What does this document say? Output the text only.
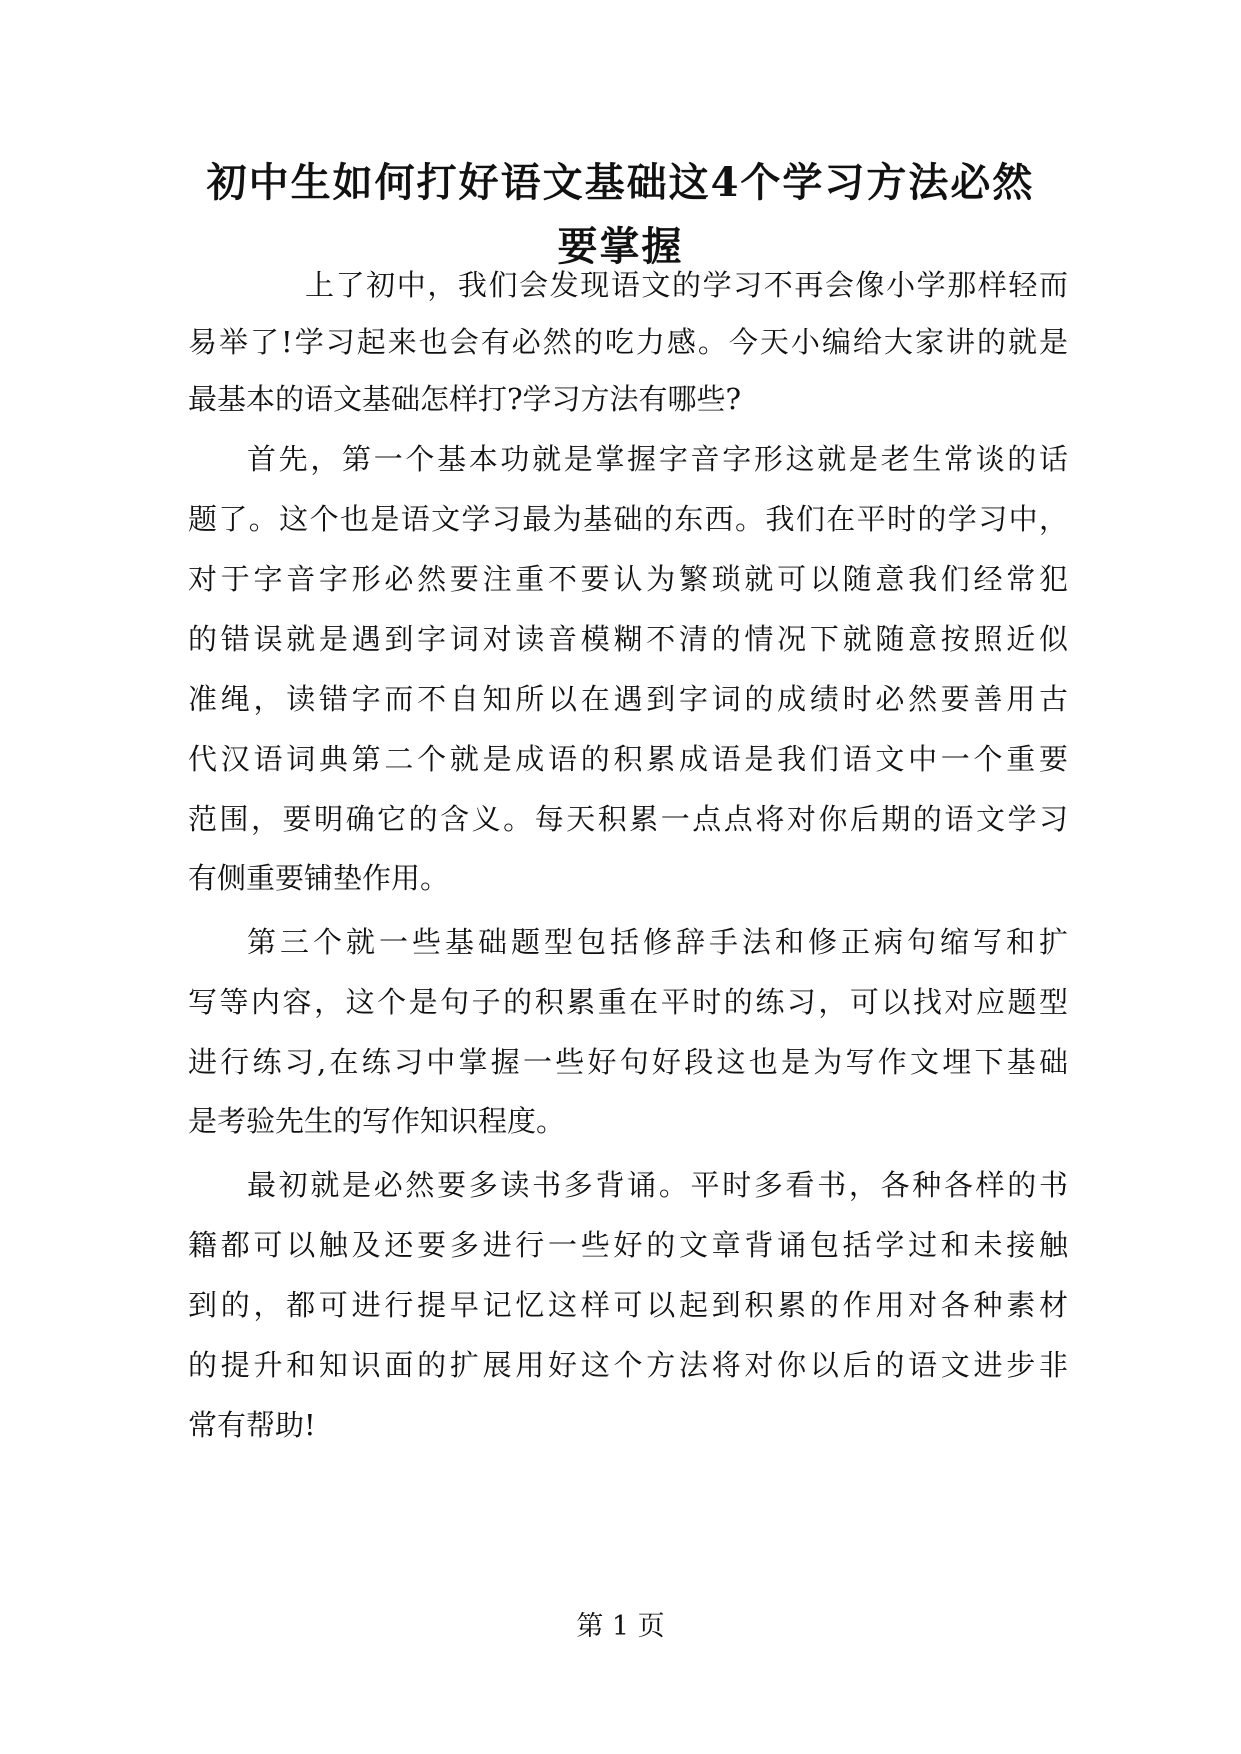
初中生如何打好语文基础这4个学习方法必然
要掌握
上了初中，我们会发现语文的学习不再会像小学那样轻而
易举了!学习起来也会有必然的吃力感。今天小编给大家讲的就是
最基本的语文基础怎样打?学习方法有哪些?
首先，第一个基本功就是掌握字音字形这就是老生常谈的话
题了。这个也是语文学习最为基础的东西。我们在平时的学习中，
对于字音字形必然要注重不要认为繁琐就可以随意我们经常犯
的错误就是遇到字词对读音模糊不清的情况下就随意按照近似
准绳，读错字而不自知所以在遇到字词的成绩时必然要善用古
代汉语词典第二个就是成语的积累成语是我们语文中一个重要
范围，要明确它的含义。每天积累一点点将对你后期的语文学习
有侧重要铺垫作用。
第三个就一些基础题型包括修辞手法和修正病句缩写和扩
写等内容，这个是句子的积累重在平时的练习，可以找对应题型
进行练习,在练习中掌握一些好句好段这也是为写作文埋下基础
是考验先生的写作知识程度。
最初就是必然要多读书多背诵。平时多看书，各种各样的书
籍都可以触及还要多进行一些好的文章背诵包括学过和未接触
到的，都可进行提早记忆这样可以起到积累的作用对各种素材
的提升和知识面的扩展用好这个方法将对你以后的语文进步非
常有帮助!
第 1 页
